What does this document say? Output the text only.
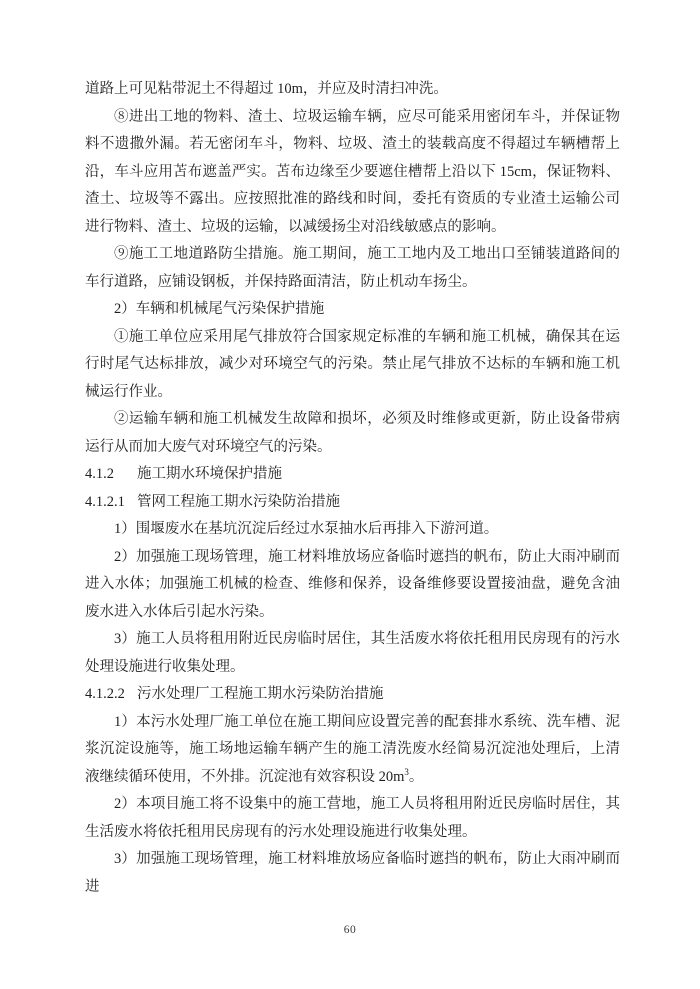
道路上可见粘带泥土不得超过 10m，并应及时清扫冲洗。

⑧进出工地的物料、渣土、垃圾运输车辆，应尽可能采用密闭车斗，并保证物料不遗撒外漏。若无密闭车斗，物料、垃圾、渣土的装载高度不得超过车辆槽帮上沿，车斗应用苫布遮盖严实。苫布边缘至少要遮住槽帮上沿以下 15cm，保证物料、渣土、垃圾等不露出。应按照批准的路线和时间，委托有资质的专业渣土运输公司进行物料、渣土、垃圾的运输，以减缓扬尘对沿线敏感点的影响。

⑨施工工地道路防尘措施。施工期间，施工工地内及工地出口至铺装道路间的车行道路，应铺设钢板，并保持路面清洁，防止机动车扬尘。

2）车辆和机械尾气污染保护措施

①施工单位应采用尾气排放符合国家规定标准的车辆和施工机械，确保其在运行时尾气达标排放，减少对环境空气的污染。禁止尾气排放不达标的车辆和施工机械运行作业。

②运输车辆和施工机械发生故障和损坏，必须及时维修或更新，防止设备带病运行从而加大废气对环境空气的污染。

4.1.2 施工期水环境保护措施

4.1.2.1 管网工程施工期水污染防治措施

1）围堰废水在基坑沉淀后经过水泵抽水后再排入下游河道。

2）加强施工现场管理，施工材料堆放场应备临时遮挡的帆布，防止大雨冲刷而进入水体；加强施工机械的检查、维修和保养，设备维修要设置接油盘，避免含油废水进入水体后引起水污染。

3）施工人员将租用附近民房临时居住，其生活废水将依托租用民房现有的污水处理设施进行收集处理。

4.1.2.2 污水处理厂工程施工期水污染防治措施

1）本污水处理厂施工单位在施工期间应设置完善的配套排水系统、洗车槽、泥浆沉淀设施等，施工场地运输车辆产生的施工清洗废水经简易沉淀池处理后，上清液继续循环使用，不外排。沉淀池有效容积设 $20m^3$。

2）本项目施工将不设集中的施工营地，施工人员将租用附近民房临时居住，其生活废水将依托租用民房现有的污水处理设施进行收集处理。

3）加强施工现场管理，施工材料堆放场应备临时遮挡的帆布，防止大雨冲刷而进

60
